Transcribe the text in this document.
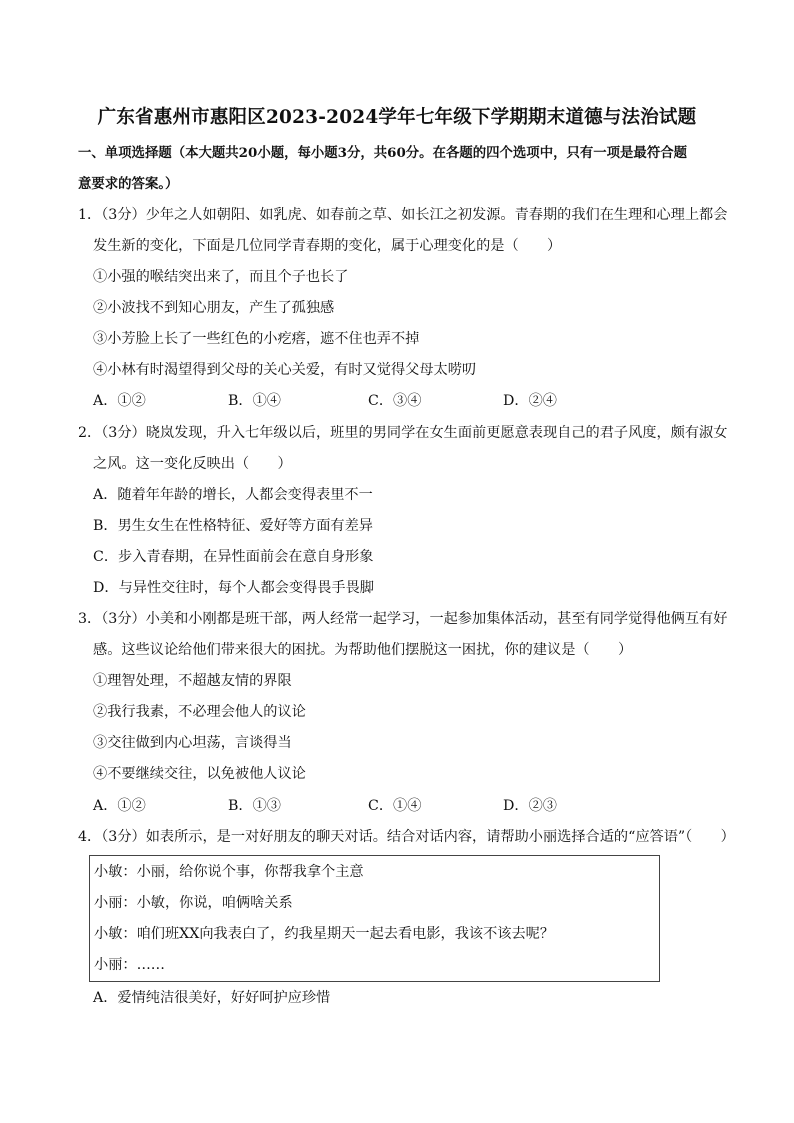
广东省惠州市惠阳区2023-2024学年七年级下学期期末道德与法治试题
一、单项选择题（本大题共20小题，每小题3分，共60分。在各题的四个选项中，只有一项是最符合题
意要求的答案。）
1．（3分）少年之人如朝阳、如乳虎、如春前之草、如长江之初发源。青春期的我们在生理和心理上都会
发生新的变化，下面是几位同学青春期的变化，属于心理变化的是（　　）
①小强的喉结突出来了，而且个子也长了
②小波找不到知心朋友，产生了孤独感
③小芳脸上长了一些红色的小疙瘩，遮不住也弄不掉
④小林有时渴望得到父母的关心关爱，有时又觉得父母太唠叨
A．①②	B．①④	C．③④	D．②④
2．（3分）晓岚发现，升入七年级以后，班里的男同学在女生面前更愿意表现自己的君子风度，颇有淑女
之风。这一变化反映出（　　）
A．随着年年龄的增长，人都会变得表里不一
B．男生女生在性格特征、爱好等方面有差异
C．步入青春期，在异性面前会在意自身形象
D．与异性交往时，每个人都会变得畏手畏脚
3．（3分）小美和小刚都是班干部，两人经常一起学习，一起参加集体活动，甚至有同学觉得他俩互有好
感。这些议论给他们带来很大的困扰。为帮助他们摆脱这一困扰，你的建议是（　　）
①理智处理，不超越友情的界限
②我行我素，不必理会他人的议论
③交往做到内心坦荡，言谈得当
④不要继续交往，以免被他人议论
A．①②	B．①③	C．①④	D．②③
4．（3分）如表所示，是一对好朋友的聊天对话。结合对话内容，请帮助小丽选择合适的“应答语”（　　）
小敏：小丽，给你说个事，你帮我拿个主意
小丽：小敏，你说，咱俩啥关系
小敏：咱们班XX向我表白了，约我星期天一起去看电影，我该不该去呢？
小丽：……
A．爱情纯洁很美好，好好呵护应珍惜
